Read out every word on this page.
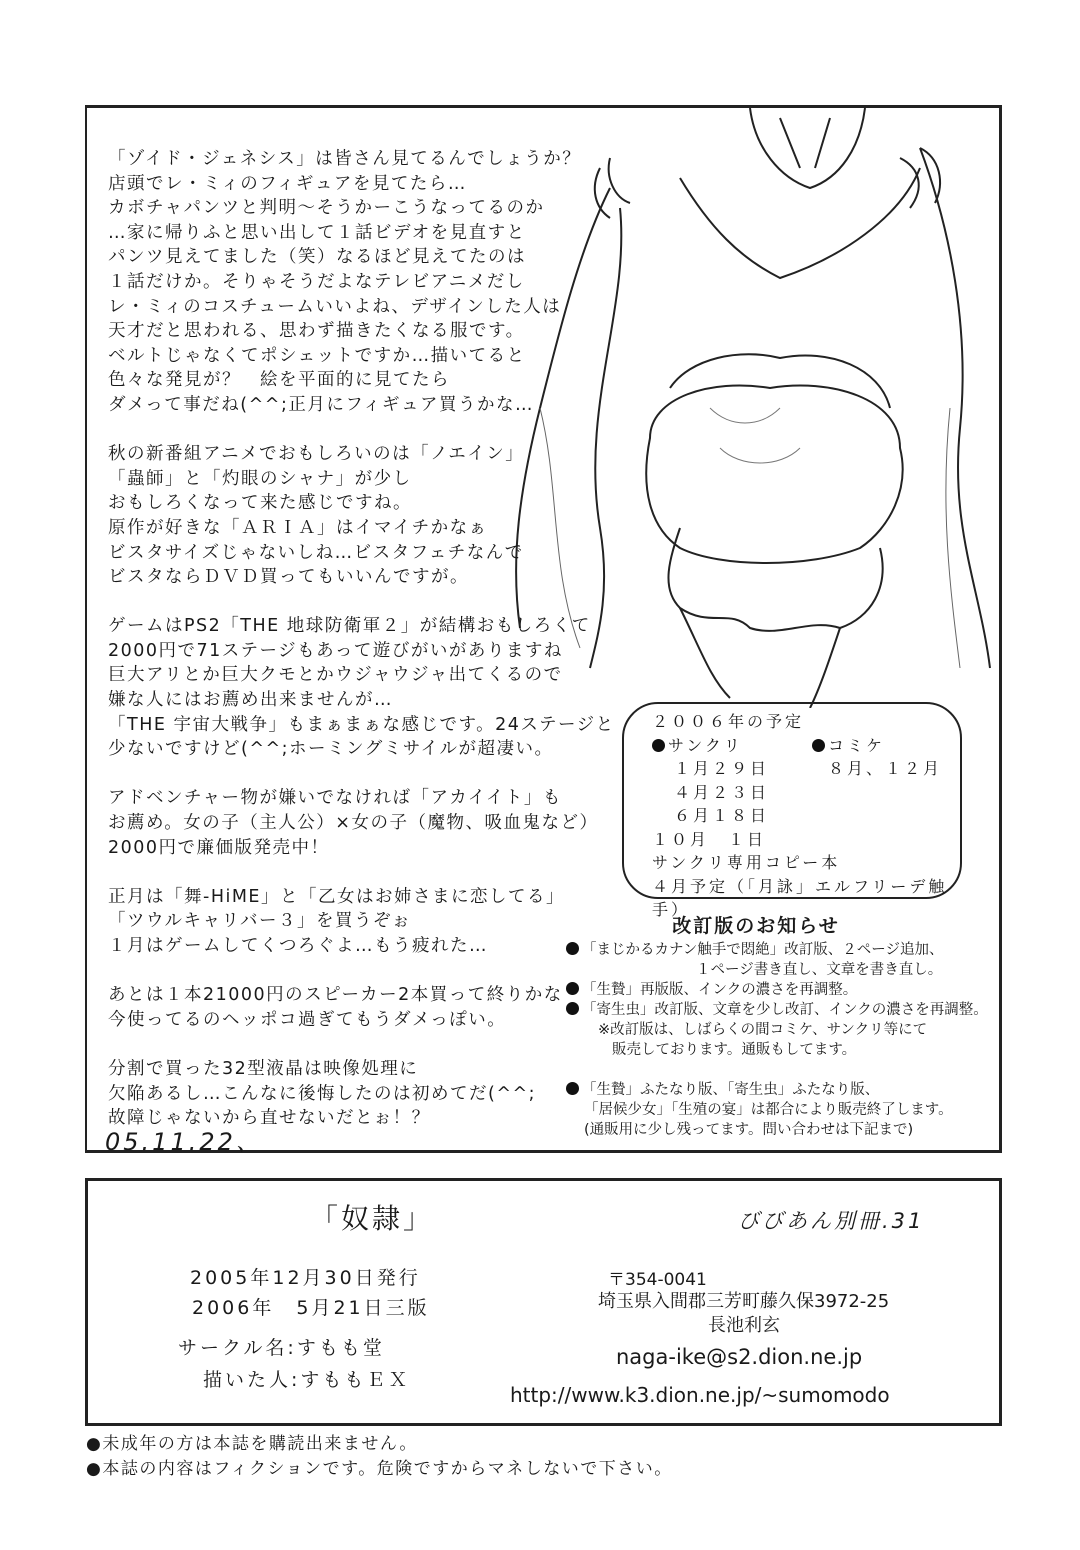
「ゾイド・ジェネシス」は皆さん見てるんでしょうか？
店頭でレ・ミィのフィギュアを見てたら…
カボチャパンツと判明～そうかーこうなってるのか
…家に帰りふと思い出して１話ビデオを見直すと
パンツ見えてました（笑）なるほど見えてたのは
１話だけか。そりゃそうだよなテレビアニメだし
レ・ミィのコスチュームいいよね、デザインした人は
天才だと思われる、思わず描きたくなる服です。
ベルトじゃなくてポシェットですか…描いてると
色々な発見が？　絵を平面的に見てたら
ダメって事だね(^^;正月にフィギュア買うかな…
秋の新番組アニメでおもしろいのは「ノエイン」
「蟲師」と「灼眼のシャナ」が少し
おもしろくなって来た感じですね。
原作が好きな「ＡＲＩＡ」はイマイチかなぁ
ビスタサイズじゃないしね…ビスタフェチなんで
ビスタならＤＶＤ買ってもいいんですが。
ゲームはPS2「THE 地球防衛軍２」が結構おもしろくて
2000円で71ステージもあって遊びがいがありますね
巨大アリとか巨大クモとかウジャウジャ出てくるので
嫌な人にはお薦め出来ませんが…
「THE 宇宙大戦争」もまぁまぁな感じです。24ステージと
少ないですけど(^^;ホーミングミサイルが超凄い。
アドベンチャー物が嫌いでなければ「アカイイト」も
お薦め。女の子（主人公）×女の子（魔物、吸血鬼など）
2000円で廉価版発売中！
正月は「舞-HiME」と「乙女はお姉さまに恋してる」
「ツウルキャリバー３」を買うぞぉ
１月はゲームしてくつろぐよ…もう疲れた…
あとは１本21000円のスピーカー2本買って終りかな
今使ってるのヘッポコ過ぎてもうダメっぽい。
分割で買った32型液晶は映像処理に
欠陥あるし…こんなに後悔したのは初めてだ(^^;
故障じゃないから直せないだとぉ！？
05.11.22、
２００６年の予定
サンクリ	コミケ
１月２９日	８月、１２月
４月２３日
６月１８日
１０月　１日
サンクリ専用コピー本
４月予定（「月詠」エルフリーデ触手）
改訂版のお知らせ
「まじかるカナン触手で悶絶」改訂版、２ページ追加、
１ページ書き直し、文章を書き直し。
「生贄」再版版、インクの濃さを再調整。
「寄生虫」改訂版、文章を少し改訂、インクの濃さを再調整。
※改訂版は、しばらくの間コミケ、サンクリ等にて
販売しております。通販もしてます。
「生贄」ふたなり版、「寄生虫」ふたなり版、
「居候少女」「生殖の宴」は都合により販売終了します。
(通販用に少し残ってます。問い合わせは下記まで)
「奴隷」	びびあん別冊.31
2005年12月30日発行
2006年　5月21日三版
サークル名:すもも堂
描いた人:すももＥＸ
〒354-0041
埼玉県入間郡三芳町藤久保3972-25
長池利玄
naga-ike@s2.dion.ne.jp
http://www.k3.dion.ne.jp/~sumomodo
●未成年の方は本誌を購読出来ません。
●本誌の内容はフィクションです。危険ですからマネしないで下さい。
